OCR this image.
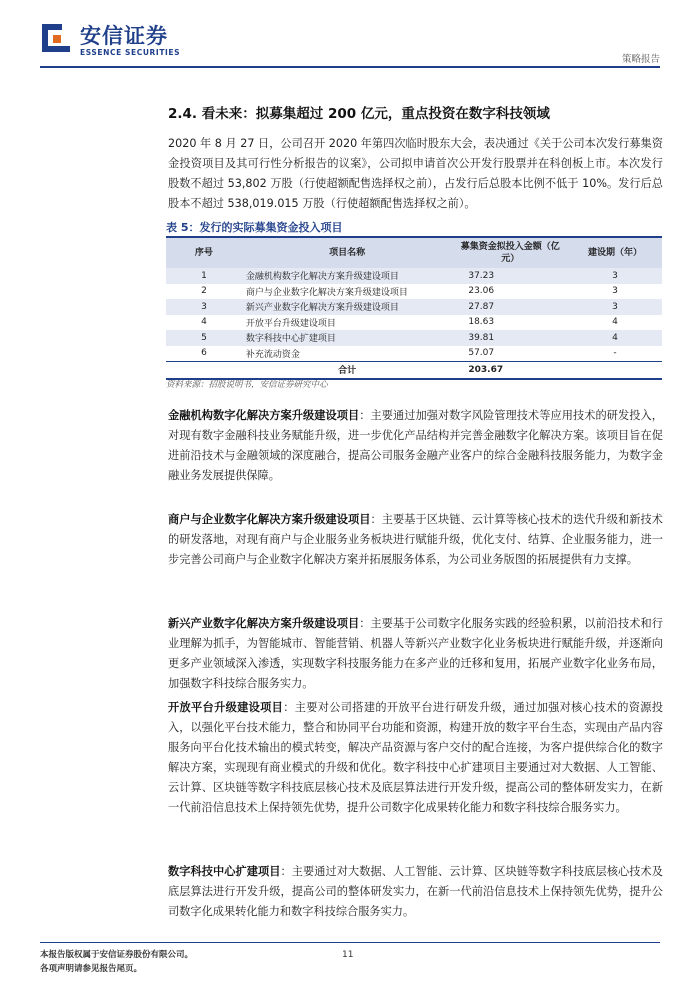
安信证券
ESSENCE SECURITIES
策略报告
2.4. 看未来：拟募集超过 200 亿元，重点投资在数字科技领域
2020 年 8 月 27 日，公司召开 2020 年第四次临时股东大会，表决通过《关于公司本次发行募集资金投资项目及其可行性分析报告的议案》，公司拟申请首次公开发行股票并在科创板上市。本次发行股数不超过 53,802 万股（行使超额配售选择权之前），占发行后总股本比例不低于 10%。发行后总股本不超过 538,019.015 万股（行使超额配售选择权之前）。
表 5：发行的实际募集资金投入项目
序号	项目名称	募集资金拟投入金额（亿元）	建设期（年）
1	金融机构数字化解决方案升级建设项目	37.23	3
2	商户与企业数字化解决方案升级建设项目	23.06	3
3	新兴产业数字化解决方案升级建设项目	27.87	3
4	开放平台升级建设项目	18.63	4
5	数字科技中心扩建项目	39.81	4
6	补充流动资金	57.07	-
	合计	203.67	
资料来源：招股说明书，安信证券研究中心
金融机构数字化解决方案升级建设项目：主要通过加强对数字风险管理技术等应用技术的研发投入，对现有数字金融科技业务赋能升级，进一步优化产品结构并完善金融数字化解决方案。该项目旨在促进前沿技术与金融领域的深度融合，提高公司服务金融产业客户的综合金融科技服务能力，为数字金融业务发展提供保障。
商户与企业数字化解决方案升级建设项目：主要基于区块链、云计算等核心技术的迭代升级和新技术的研发落地，对现有商户与企业服务业务板块进行赋能升级，优化支付、结算、企业服务能力，进一步完善公司商户与企业数字化解决方案并拓展服务体系，为公司业务版图的拓展提供有力支撑。
新兴产业数字化解决方案升级建设项目：主要基于公司数字化服务实践的经验积累，以前沿技术和行业理解为抓手，为智能城市、智能营销、机器人等新兴产业数字化业务板块进行赋能升级，并逐渐向更多产业领域深入渗透，实现数字科技服务能力在多产业的迁移和复用，拓展产业数字化业务布局，加强数字科技综合服务实力。
开放平台升级建设项目：主要对公司搭建的开放平台进行研发升级，通过加强对核心技术的资源投入，以强化平台技术能力，整合和协同平台功能和资源，构建开放的数字平台生态，实现由产品内容服务向平台化技术输出的模式转变，解决产品资源与客户交付的配合连接，为客户提供综合化的数字解决方案，实现现有商业模式的升级和优化。数字科技中心扩建项目主要通过对大数据、人工智能、云计算、区块链等数字科技底层核心技术及底层算法进行开发升级，提高公司的整体研发实力，在新一代前沿信息技术上保持领先优势，提升公司数字化成果转化能力和数字科技综合服务实力。
数字科技中心扩建项目：主要通过对大数据、人工智能、云计算、区块链等数字科技底层核心技术及底层算法进行开发升级，提高公司的整体研发实力，在新一代前沿信息技术上保持领先优势，提升公司数字化成果转化能力和数字科技综合服务实力。
本报告版权属于安信证券股份有限公司。
各项声明请参见报告尾页。
11
